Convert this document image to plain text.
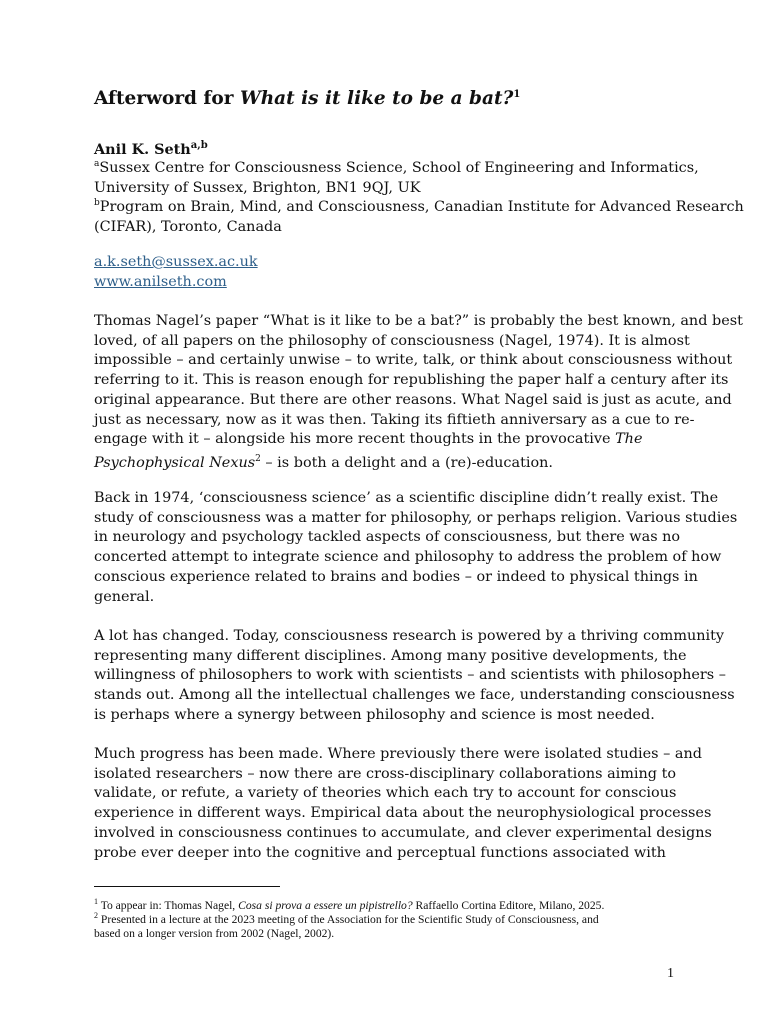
Afterword for What is it like to be a bat?$^1$
Anil K. Seth$^{a,b}$
$^a$Sussex Centre for Consciousness Science, School of Engineering and Informatics,
University of Sussex, Brighton, BN1 9QJ, UK
$^b$Program on Brain, Mind, and Consciousness, Canadian Institute for Advanced Research
(CIFAR), Toronto, Canada
a.k.seth@sussex.ac.uk
www.anilseth.com
Thomas Nagel’s paper “What is it like to be a bat?” is probably the best known, and best
loved, of all papers on the philosophy of consciousness (Nagel, 1974). It is almost
impossible – and certainly unwise – to write, talk, or think about consciousness without
referring to it. This is reason enough for republishing the paper half a century after its
original appearance. But there are other reasons. What Nagel said is just as acute, and
just as necessary, now as it was then. Taking its fiftieth anniversary as a cue to re-
engage with it – alongside his more recent thoughts in the provocative The
Psychophysical Nexus$^2$ – is both a delight and a (re)-education.
Back in 1974, ‘consciousness science’ as a scientific discipline didn’t really exist. The
study of consciousness was a matter for philosophy, or perhaps religion. Various studies
in neurology and psychology tackled aspects of consciousness, but there was no
concerted attempt to integrate science and philosophy to address the problem of how
conscious experience related to brains and bodies – or indeed to physical things in
general.
A lot has changed. Today, consciousness research is powered by a thriving community
representing many different disciplines. Among many positive developments, the
willingness of philosophers to work with scientists – and scientists with philosophers –
stands out. Among all the intellectual challenges we face, understanding consciousness
is perhaps where a synergy between philosophy and science is most needed.
Much progress has been made. Where previously there were isolated studies – and
isolated researchers – now there are cross-disciplinary collaborations aiming to
validate, or refute, a variety of theories which each try to account for conscious
experience in different ways. Empirical data about the neurophysiological processes
involved in consciousness continues to accumulate, and clever experimental designs
probe ever deeper into the cognitive and perceptual functions associated with
$^1$ To appear in: Thomas Nagel, Cosa si prova a essere un pipistrello? Raffaello Cortina Editore, Milano, 2025.
$^2$ Presented in a lecture at the 2023 meeting of the Association for the Scientific Study of Consciousness, and
based on a longer version from 2002 (Nagel, 2002).
1
